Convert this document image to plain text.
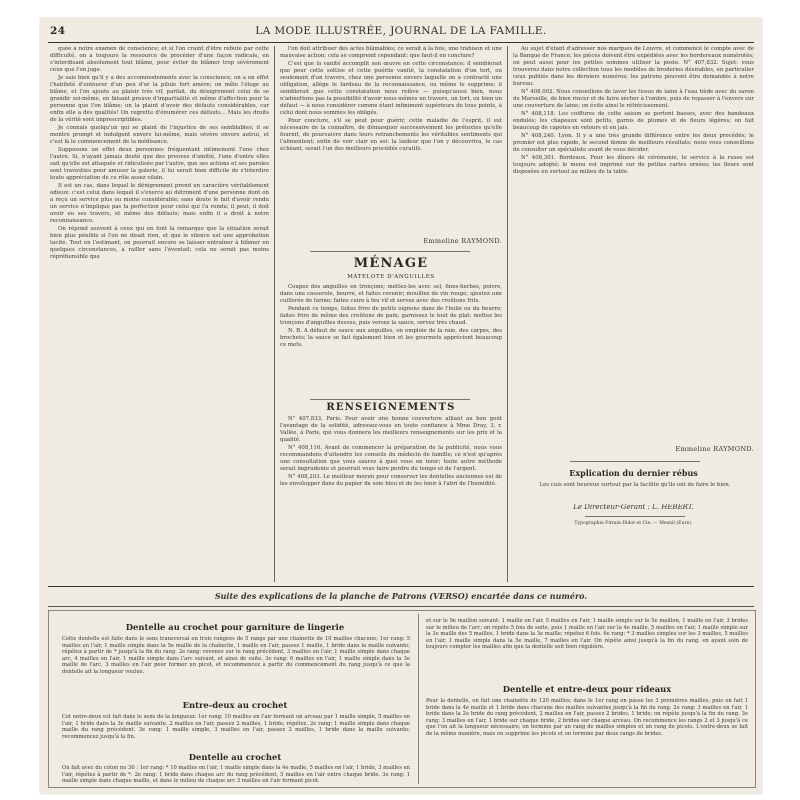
24	LA MODE ILLUSTRÉE, JOURNAL DE LA FAMILLE.

quée à notre examen de conscience; et si l'on craint d'être rebuté par cette difficulté, on a toujours la ressource de procéder d'une façon radicale, en s'interdisant absolument tout blâme, pour éviter de blâmer trop sévèrement ceux que l'on juge.

Je sais bien qu'il y a des accommodements avec la conscience; on a en effet l'habileté d'entourer d'un peu d'or la pilule fort amère; on mêle l'éloge au blâme, et l'on ajoute au plaisir très vif, parfait, du dénigrement celui de se grandir soi-même, en faisant preuve d'impartialité et même d'affection pour la personne que l'on blâme; on la plaint d'avoir des défauts considérables, car enfin elle a des qualités! On regrette d'énumérer ces défauts... Mais les droits de la vérité sont imprescriptibles.

Je connais quelqu'un qui se plaint de l'injustice de ses semblables; il se montre prompt et indulgent envers lui-même, mais sévère envers autrui, et c'est là le commencement de la médisance.

Supposons un effet deux personnes fréquentant intimement l'une chez l'autre. Si, n'ayant jamais douté que des preuves d'amitié, l'une d'entre elles sait qu'elle est attaquée et ridiculisée par l'autre, que ses actions et ses paroles sont travesties pour amuser la galerie, il lui serait bien difficile de s'interdire toute appréciation de ce rôle assez vilain.

Il est un cas, dans lequel le dénigrement prend un caractère véritablement odieux: c'est celui dans lequel il s'exerce au détriment d'une personne dont on a reçu un service plus ou moins considérable; sans doute le fait d'avoir rendu un service n'implique pas la perfection pour celui qui l'a rendu; il peut, il doit avoir eu ses travers, et même des défauts; mais enfin il a droit à notre reconnaissance.

On répond souvent à ceux qui en font la remarque que la situation serait bien plus pénible si l'on ne disait rien, et que le silence est une approbation tacite. Tout en l'estimant, on pourrait encore se laisser entraîner à blâmer en quelques circonstances, à railler sans l'éventail; cela ne serait pas moins répréhensible que

l'on doit attribuer des actes blâmables; ce serait à la fois, une trahison et une mauvaise action; cela se comprend cependant: que faut-il en conclure?

C'est que la vanité accomplit son œuvre en cette circonstance; il semblerait que pour cette sottise et cette puérile vanité, la constatation d'un tort, ou seulement d'un travers, chez une personne envers laquelle on a contracté une obligation, allège le fardeau de la reconnaissance, ou même le supprime; il semblerait que cette constatation nous relève — puisqu'aussi bien, nous n'admettons pas la possibilité d'avoir nous-mêmes un travers, un tort, ou bien un défaut — à nous considérer comme étant infiniment supérieurs de tous points, à celui dont nous sommes les obligés.

Pour conclure, s'il se peut pour guérir, cette maladie de l'esprit, il est nécessaire de la connaître, de démasquer successivement les prétextes qu'elle fournit, de poursuivre dans leurs retranchements les véritables sentiments qui l'alimentent; enfin de voir clair en soi: la laideur que l'on y découvrira, le cas échéant, serait l'un des meilleurs procédés curatifs.

Emmeline RAYMOND.
MÉNAGE
MATELOTE D'ANGUILLES

Coupez des anguilles en tronçons; mettez-les avec sel, fines-herbes, poivre, dans une casserole, beurre, et faites revenir; mouillez de vin rouge; ajoutez une cuillerée de farine; faites cuire à feu vif et servez avec des croûtons frits.

Pendant ce temps, faites frire de petits oignons dans de l'huile ou du beurre; faites frire de même des croûtons de pain; garnissez le tout de plat; mettez les tronçons d'anguilles dessus, puis versez la sauce, servez très chaud.

N. B. A défaut de sauce aux anguilles, on emploie de la raie, des carpes, des brochets; la sauce se fait également bien et les gourmets apprécient beaucoup ce mets.

RENSEIGNEMENTS

N° 407,833, Paris. Pour avoir une bonne couverture alliant au bon goût l'avantage de la solidité, adressez-vous en toute confiance à Mme Dray, 3, r. Vallée, à Paris, qui vous donnera les meilleurs renseignements sur les prix et la qualité.

N° 408,116. Avant de commencer la préparation de la publicité, nous vous recommandons d'attendre les conseils du médecin de famille; ce n'est qu'après une consultation que vous saurez à quoi vous en tenir; toute autre méthode serait imprudente et pourrait vous faire perdre du temps et de l'argent.

N° 408,203. Le meilleur moyen pour conserver les dentelles anciennes est de les envelopper dans du papier de soie bleu et de les tenir à l'abri de l'humidité.

Au sujet d'étant d'adresser nos marques de Louvre, et commencé le compte avec de la Banque de France; les pièces doivent être expédiées avec les bordereaux numérotés; on peut aussi pour les petites sommes utiliser la poste. N° 407,832. Sujet: vous trouverez dans notre collection tous les modèles de broderies désirables, en particulier ceux publiés dans les derniers numéros; les patrons peuvent être demandés à notre bureau.

N° 408,002. Nous conseillons de laver les tissus de laine à l'eau tiède avec du savon de Marseille, de bien rincer et de faire sécher à l'ombre, puis de repasser à l'envers sur une couverture de laine; on évite ainsi le rétrécissement.

N° 408,118. Les coiffures de cette saison se portent basses, avec des bandeaux ondulés; les chapeaux sont petits, garnis de plumes et de fleurs légères; on fait beaucoup de capotes en velours et en jais.

N° 408,240. Lyon. Il y a une très grande différence entre les deux procédés; le premier est plus rapide, le second donne de meilleurs résultats; nous vous conseillons de consulter un spécialiste avant de vous décider.

N° 408,301. Bordeaux. Pour les dîners de cérémonie, le service à la russe est toujours adopté; le menu est imprimé sur de petites cartes ornées; les fleurs sont disposées en surtout au milieu de la table.

Emmeline RAYMOND.
Explication du dernier rébus
Les cuis sont heureux surtout par la facilité qu'ils ont de faire le bien.
Le Directeur-Gérant : L. HÉBERT.
Typographie Firmin-Didot et Cie. — Mesnil (Eure).
Suite des explications de la planche de Patrons (VERSO) encartée dans ce numéro.
Dentelle au crochet pour garniture de lingerie
Cette dentelle est faite dans le sens transversal en trois rangées de 5 rangs par une chaînette de 10 mailles chacune; 1er rang: 5 mailles en l'air, 1 maille simple dans la 5e maille de la chaînette, 1 maille en l'air, passez 1 maille, 1 bride dans la maille suivante; répétez à partir de * jusqu'à la fin du rang. 2e rang: revenez sur le rang précédent, 3 mailles en l'air, 1 maille simple dans chaque arc, 4 mailles en l'air, 1 maille simple dans l'arc suivant, et ainsi de suite. 3e rang: 6 mailles en l'air, 1 maille simple dans la 3e maille de l'arc, 3 mailles en l'air pour former un picot, et recommencez à partir du commencement du rang jusqu'à ce que la dentelle ait la longueur voulue.
Entre-deux au crochet
Cet entre-deux est fait dans le sens de la longueur. 1er rang: 10 mailles en l'air formant un arceau par 1 maille simple, 5 mailles en l'air, 1 bride dans la 3e maille suivante, 2 mailles en l'air, passez 2 mailles, 1 bride; répétez. 2e rang: 1 maille simple dans chaque maille du rang précédent. 3e rang: 1 maille simple, 3 mailles en l'air, passez 2 mailles, 1 bride dans la maille suivante; recommencez jusqu'à la fin.
Dentelle au crochet
On fait avec du coton no 30 : 1er rang: * 10 mailles en l'air, 1 maille simple dans la 4e maille, 5 mailles en l'air, 1 bride, 3 mailles en l'air, répétez à partir de *. 2e rang: 1 bride dans chaque arc du rang précédent, 5 mailles en l'air entre chaque bride. 3e rang: 1 maille simple dans chaque maille, et dans le milieu de chaque arc 3 mailles en l'air formant picot.
et sur le 9e maillon suivant: 1 maille en l'air, 5 mailles en l'air, 1 maille simple sur le 5e maillon, 1 maille en l'air, 3 brides sur le milieu de l'arc; on répète 5 fois de suite, puis 1 maille en l'air sur la 4e maille, 5 mailles en l'air, 1 maille simple sur la 3e maille des 5 mailles, 1 bride dans la 3e maille; répétez 6 fois. 6e rang: * 3 mailles simples sur les 3 mailles, 5 mailles en l'air, 1 maille simple dans la 5e maille, 7 mailles en l'air. On répète ainsi jusqu'à la fin du rang, en ayant soin de toujours compter les mailles afin que la dentelle soit bien régulière.
Dentelle et entre-deux pour rideaux
Pour la dentelle, on fait une chaînette de 120 mailles; dans le 1er rang on passe les 3 premières mailles, puis on fait 1 bride dans la 4e maille et 1 bride dans chacune des mailles suivantes jusqu'à la fin du rang. 2e rang: 3 mailles en l'air, 1 bride dans la 2e bride du rang précédent, 2 mailles en l'air, passez 2 brides, 1 bride; on répète jusqu'à la fin du rang. 3e rang: 3 mailles en l'air, 1 bride sur chaque bride, 2 brides sur chaque arceau. On recommence les rangs 2 et 3 jusqu'à ce que l'on ait la longueur nécessaire; on termine par un rang de mailles simples et un rang de picots. L'entre-deux se fait de la même manière, mais on supprime les picots et on termine par deux rangs de brides.
